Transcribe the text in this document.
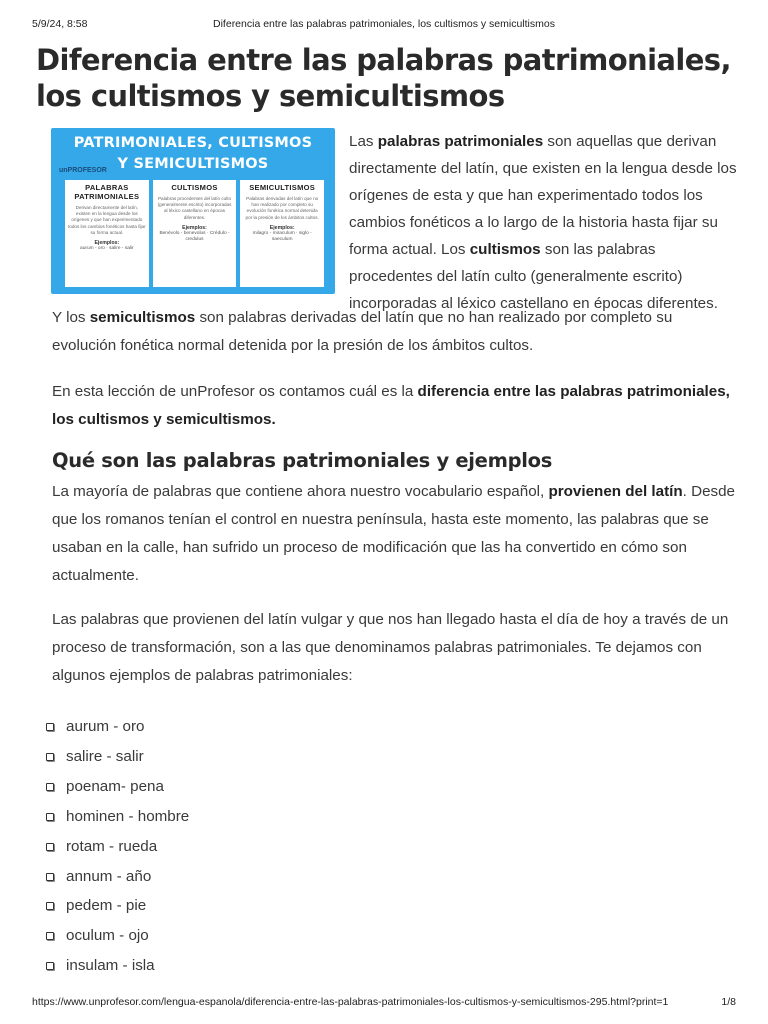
5/9/24, 8:58	Diferencia entre las palabras patrimoniales, los cultismos y semicultismos
Diferencia entre las palabras patrimoniales, los cultismos y semicultismos
PATRIMONIALES, CULTISMOS
Y SEMICULTISMOS
unPROFESOR
PALABRAS PATRIMONIALES
Derivan directamente del latín, existen en la lengua desde los orígenes y que han experimentado todos los cambios fonéticos hasta fijar su forma actual.
Ejemplos:
aurum - oro · salire - salir
CULTISMOS
Palabras procedentes del latín culto (generalmente escrito) incorporadas al léxico castellano en épocas diferentes.
Ejemplos:
Benévolo - benevolus · Crédulo - credulus
SEMICULTISMOS
Palabras derivadas del latín que no han realizado por completo su evolución fonética normal detenida por la presión de los ámbitos cultos.
Ejemplos:
milagro - miraculum · siglo - saeculum

Las palabras patrimoniales son aquellas que derivan directamente del latín, que existen en la lengua desde los orígenes de esta y que han experimentado todos los cambios fonéticos a lo largo de la historia hasta fijar su forma actual. Los cultismos son las palabras procedentes del latín culto (generalmente escrito) incorporadas al léxico castellano en épocas diferentes.

Y los semicultismos son palabras derivadas del latín que no han realizado por completo su evolución fonética normal detenida por la presión de los ámbitos cultos.

En esta lección de unProfesor os contamos cuál es la diferencia entre las palabras patrimoniales, los cultismos y semicultismos.

Qué son las palabras patrimoniales y ejemplos

La mayoría de palabras que contiene ahora nuestro vocabulario español, provienen del latín. Desde que los romanos tenían el control en nuestra península, hasta este momento, las palabras que se usaban en la calle, han sufrido un proceso de modificación que las ha convertido en cómo son actualmente.

Las palabras que provienen del latín vulgar y que nos han llegado hasta el día de hoy a través de un proceso de transformación, son a las que denominamos palabras patrimoniales. Te dejamos con algunos ejemplos de palabras patrimoniales:

aurum - oro
salire - salir
poenam- pena
hominen - hombre
rotam - rueda
annum - año
pedem - pie
oculum - ojo
insulam - isla
https://www.unprofesor.com/lengua-espanola/diferencia-entre-las-palabras-patrimoniales-los-cultismos-y-semicultismos-295.html?print=1	1/8
